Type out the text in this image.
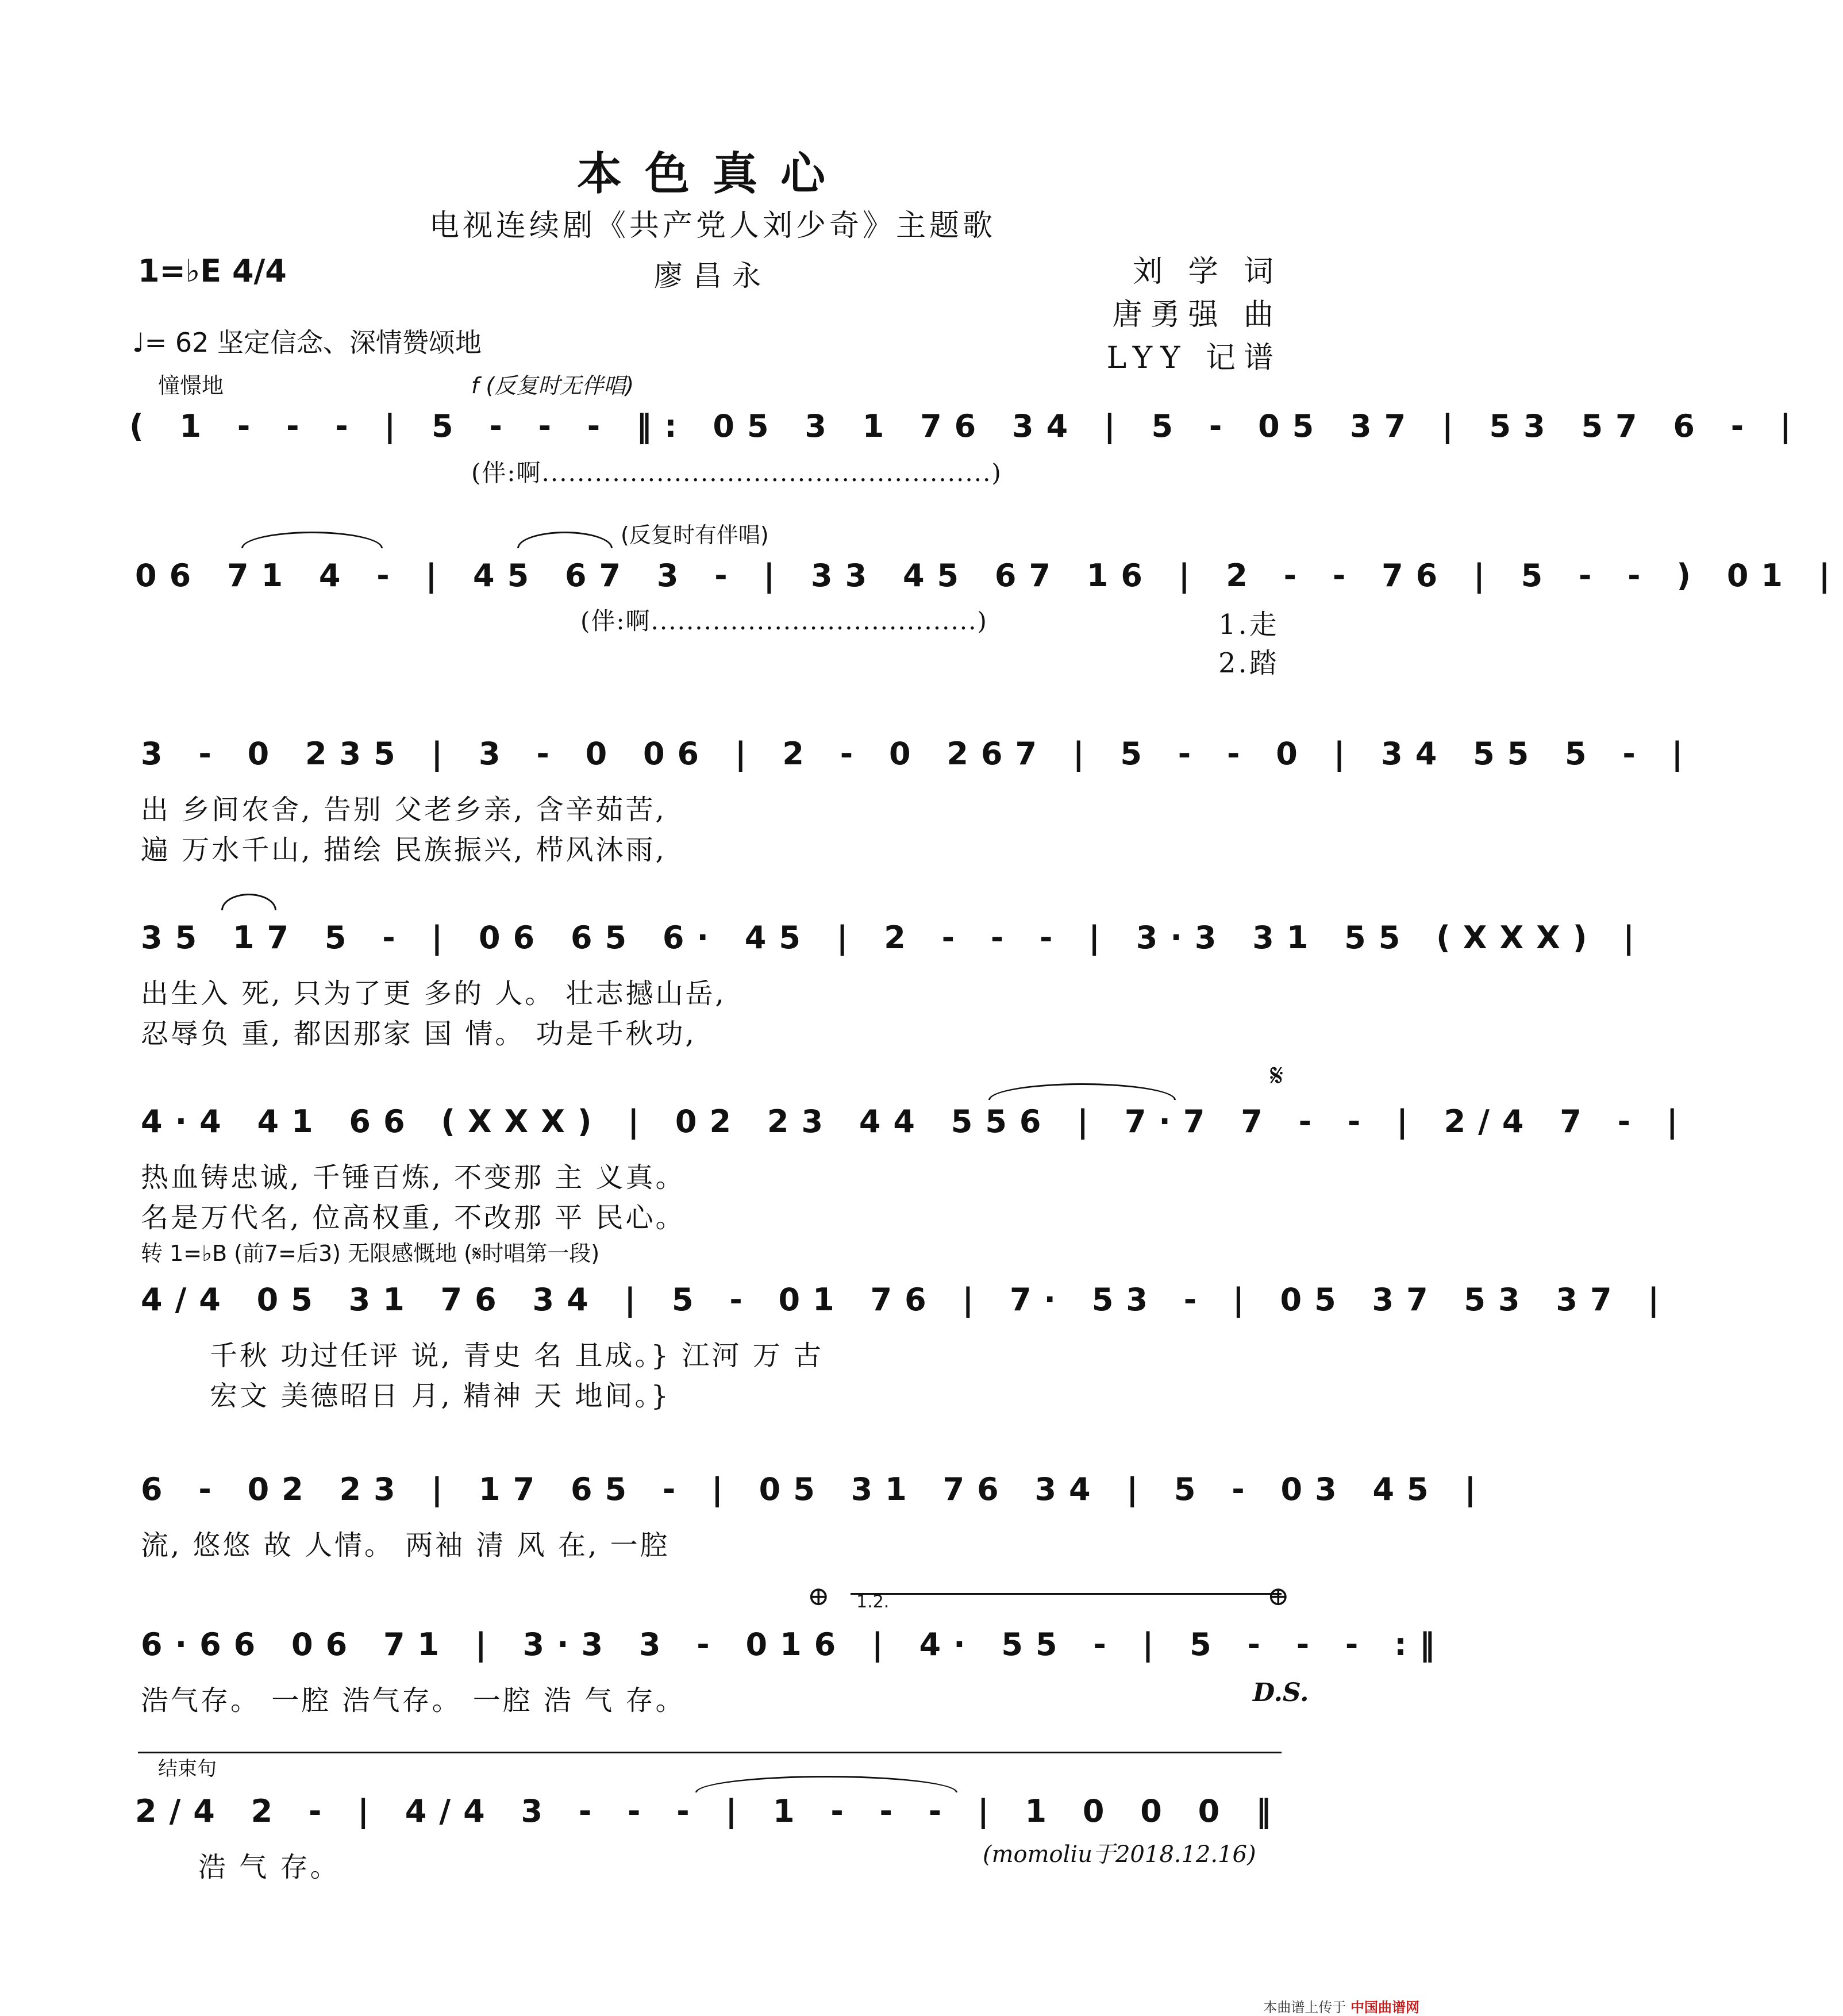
本色真心
电视连续剧《共产党人刘少奇》主题歌
廖昌永	刘 学 词
唐勇强 曲
LYY 记谱
1=♭E 4/4
♩= 62 坚定信念、深情赞颂地
憧憬地	f (反复时无伴唱)
( 1 - - - | 5 - - - ‖: 05 3 1 76 34 | 5 - 05 37 | 53 57 6 - |
(伴:啊...................................................)
(反复时有伴唱)
06 71 4 - | 45 67 3 - | 33 45 67 16 | 2 - - 76 | 5 - - ) 01 |
(伴:啊.....................................)	1.走
2.踏
3 - 0 235 | 3 - 0 06 | 2 - 0 267 | 5 - - 0 | 34 55 5 - |
出 乡间农舍, 告别 父老乡亲, 含辛茹苦,
遍 万水千山, 描绘 民族振兴, 栉风沐雨,
35 17 5 - | 06 65 6· 45 | 2 - - - | 3·3 31 55 (XXX) |
出生入 死, 只为了更 多的 人。 壮志撼山岳,
忍辱负 重, 都因那家 国 情。 功是千秋功,
𝄋
4·4 41 66 (XXX) | 02 23 44 556 | 7·7 7 - - | 2/4 7 - |
热血铸忠诚, 千锤百炼, 不变那 主 义真。
名是万代名, 位高权重, 不改那 平 民心。
转 1=♭B (前7=后3) 无限感慨地 (𝄋时唱第一段)
4/4 05 31 76 34 | 5 - 01 76 | 7· 53 - | 05 37 53 37 |
千秋 功过任评 说, 青史 名 且成。} 江河 万 古
宏文 美德昭日 月, 精神 天 地间。}
6 - 02 23 | 17 65 - | 05 31 76 34 | 5 - 03 45 |
流, 悠悠 故 人情。 两袖 清 风 在, 一腔
1.2.
⊕	⊕
6·66 06 71 | 3·3 3 - 016 | 4· 55 - | 5 - - - :‖
浩气存。 一腔 浩气存。 一腔 浩 气 存。	D.S.
结束句
2/4 2 - | 4/4 3 - - - | 1 - - - | 1 0 0 0 ‖
浩 气 存。	(momoliu于2018.12.16)
本曲谱上传于 中国曲谱网
